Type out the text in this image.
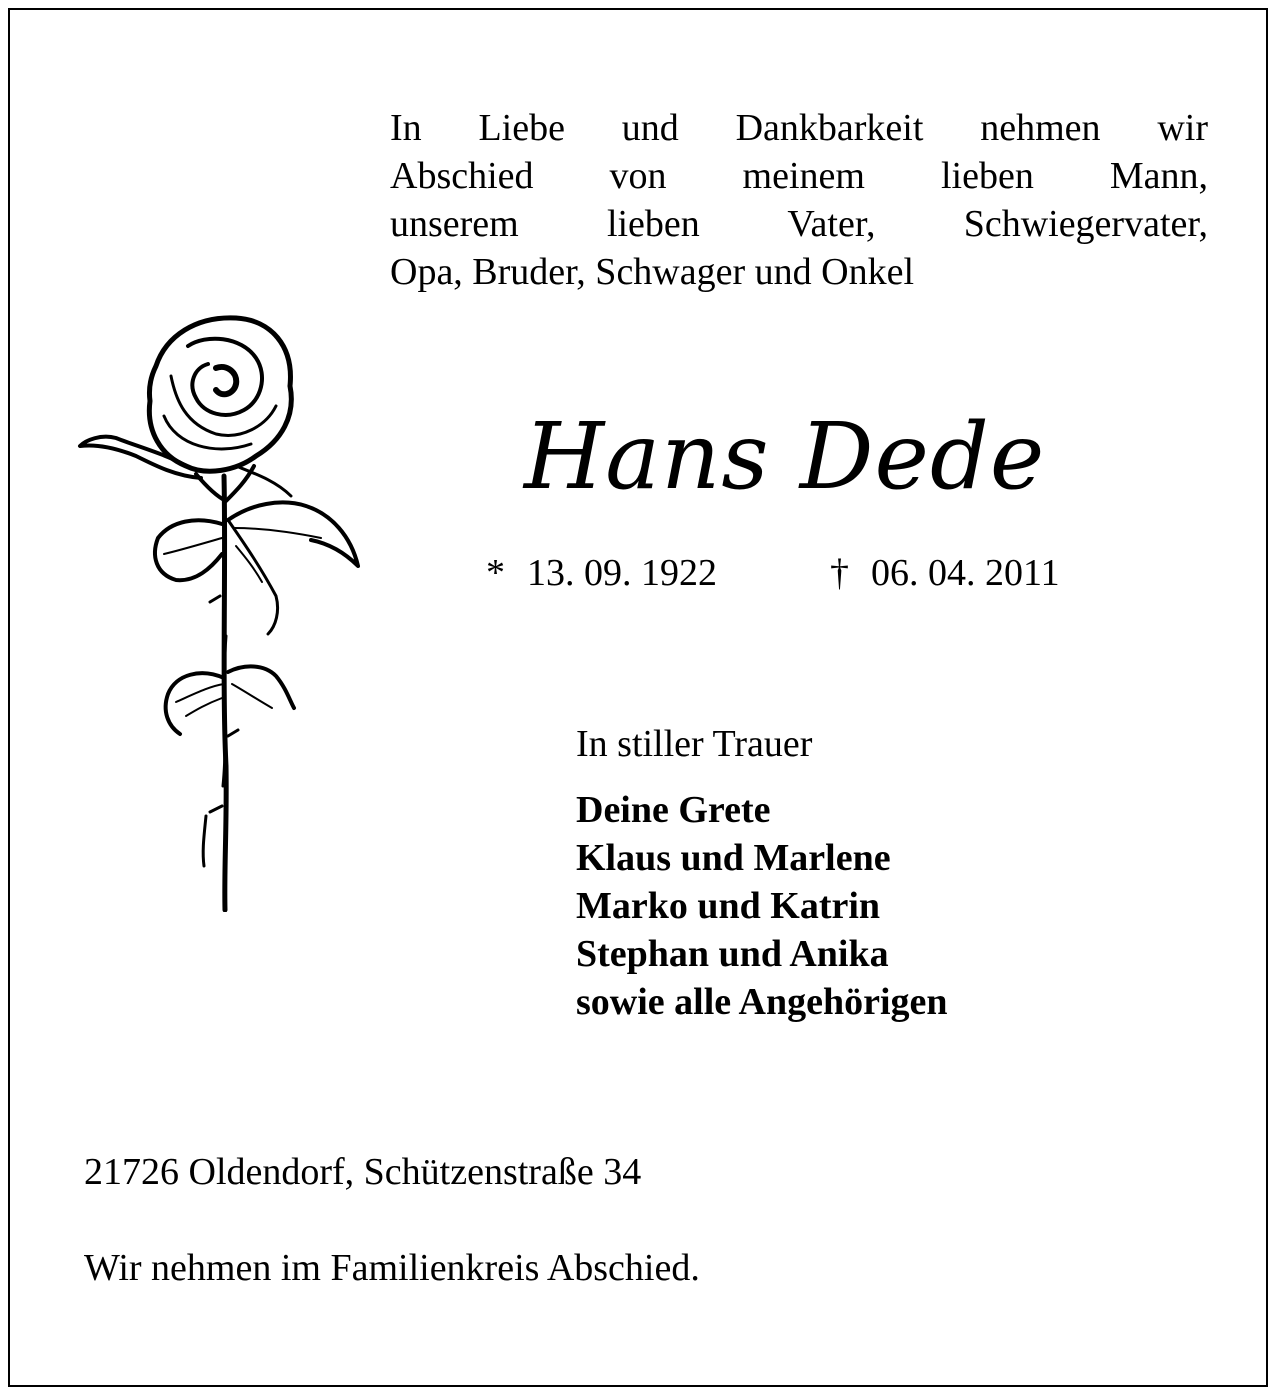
In Liebe und Dankbarkeit nehmen wir
Abschied von meinem lieben Mann,
unserem lieben Vater, Schwiegervater,
Opa, Bruder, Schwager und Onkel
Hans Dede
* 13. 09. 1922	† 06. 04. 2011
In stiller Trauer
Deine Grete
Klaus und Marlene
Marko und Katrin
Stephan und Anika
sowie alle Angehörigen
21726 Oldendorf, Schützenstraße 34
Wir nehmen im Familienkreis Abschied.
